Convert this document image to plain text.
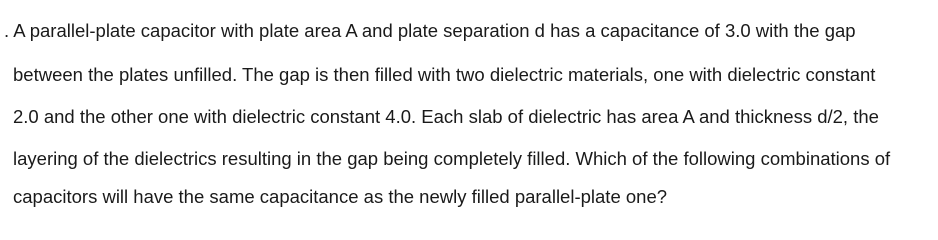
. A parallel-plate capacitor with plate area A and plate separation d has a capacitance of 3.0 with the gap
between the plates unfilled. The gap is then filled with two dielectric materials, one with dielectric constant
2.0 and the other one with dielectric constant 4.0. Each slab of dielectric has area A and thickness d/2, the
layering of the dielectrics resulting in the gap being completely filled. Which of the following combinations of
capacitors will have the same capacitance as the newly filled parallel-plate one?
